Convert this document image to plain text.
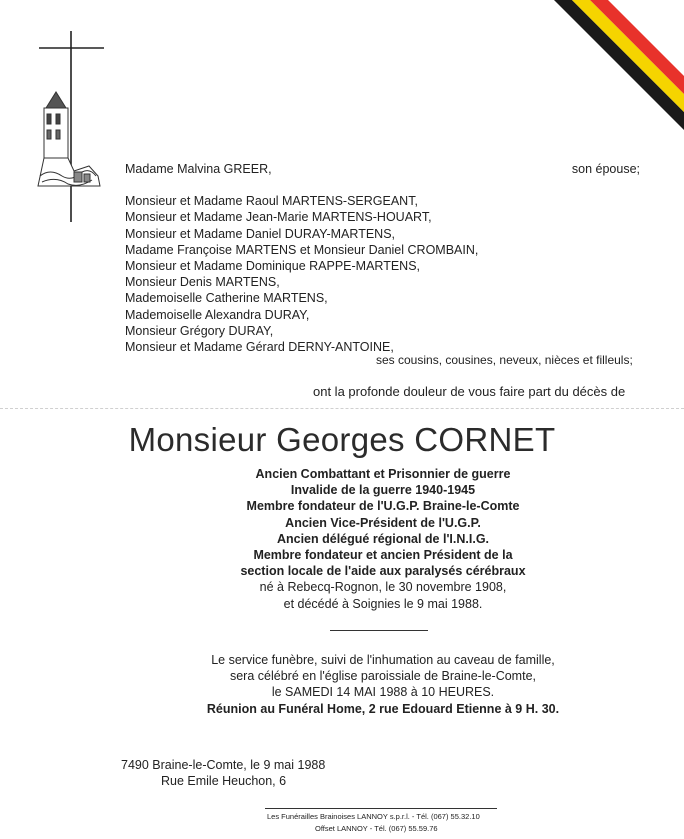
Madame Malvina GREER,	son épouse;
Monsieur et Madame Raoul MARTENS-SERGEANT,
Monsieur et Madame Jean-Marie MARTENS-HOUART,
Monsieur et Madame Daniel DURAY-MARTENS,
Madame Françoise MARTENS et Monsieur Daniel CROMBAIN,
Monsieur et Madame Dominique RAPPE-MARTENS,
Monsieur Denis MARTENS,
Mademoiselle Catherine MARTENS,
Mademoiselle Alexandra DURAY,
Monsieur Grégory DURAY,
Monsieur et Madame Gérard DERNY-ANTOINE,
ses cousins, cousines, neveux, nièces et filleuls;
ont la profonde douleur de vous faire part du décès de
Monsieur Georges CORNET
Ancien Combattant et Prisonnier de guerre
Invalide de la guerre 1940-1945
Membre fondateur de l'U.G.P. Braine-le-Comte
Ancien Vice-Président de l'U.G.P.
Ancien délégué régional de l'I.N.I.G.
Membre fondateur et ancien Président de la
section locale de l'aide aux paralysés cérébraux
né à Rebecq-Rognon, le 30 novembre 1908,
et décédé à Soignies le 9 mai 1988.
Le service funèbre, suivi de l'inhumation au caveau de famille,
sera célébré en l'église paroissiale de Braine-le-Comte,
le SAMEDI 14 MAI 1988 à 10 HEURES.
Réunion au Funéral Home, 2 rue Edouard Etienne à 9 H. 30.
7490 Braine-le-Comte, le 9 mai 1988
Rue Emile Heuchon, 6
Les Funérailles Brainoises LANNOY s.p.r.l. - Tél. (067) 55.32.10
Offset LANNOY - Tél. (067) 55.59.76
